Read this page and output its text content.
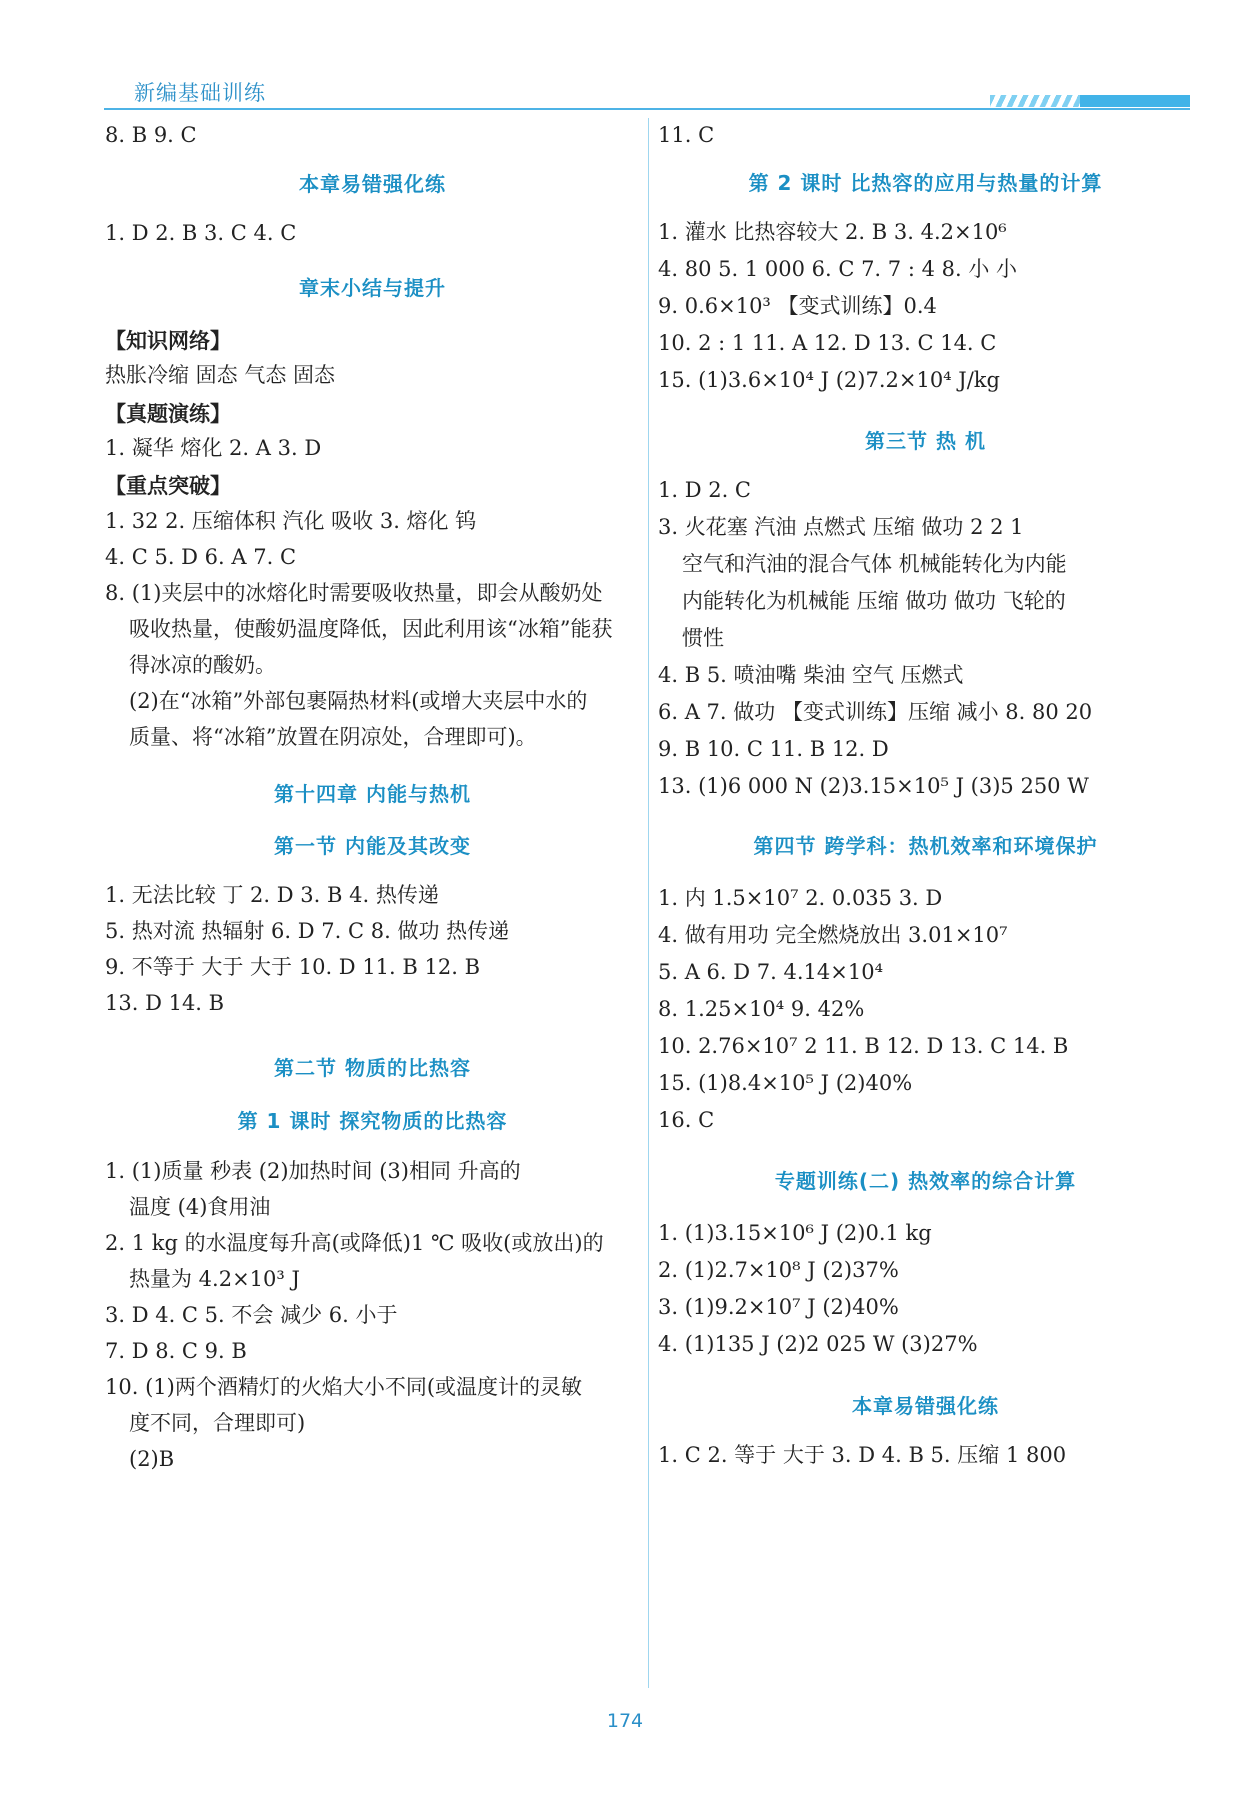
新编基础训练
8. B 9. C
本章易错强化练
1. D 2. B 3. C 4. C
章末小结与提升
【知识网络】
热胀冷缩 固态 气态 固态
【真题演练】
1. 凝华 熔化 2. A 3. D
【重点突破】
1. 32 2. 压缩体积 汽化 吸收 3. 熔化 钨
4. C 5. D 6. A 7. C
8. (1)夹层中的冰熔化时需要吸收热量，即会从酸奶处
吸收热量，使酸奶温度降低，因此利用该“冰箱”能获
得冰凉的酸奶。
(2)在“冰箱”外部包裹隔热材料(或增大夹层中水的
质量、将“冰箱”放置在阴凉处，合理即可)。
第十四章 内能与热机
第一节 内能及其改变
1. 无法比较 丁 2. D 3. B 4. 热传递
5. 热对流 热辐射 6. D 7. C 8. 做功 热传递
9. 不等于 大于 大于 10. D 11. B 12. B
13. D 14. B
第二节 物质的比热容
第 1 课时 探究物质的比热容
1. (1)质量 秒表 (2)加热时间 (3)相同 升高的
温度 (4)食用油
2. 1 kg 的水温度每升高(或降低)1 ℃ 吸收(或放出)的
热量为 4.2×10³ J
3. D 4. C 5. 不会 减少 6. 小于
7. D 8. C 9. B
10. (1)两个酒精灯的火焰大小不同(或温度计的灵敏
度不同，合理即可)
(2)B
11. C
第 2 课时 比热容的应用与热量的计算
1. 灌水 比热容较大 2. B 3. 4.2×10⁶
4. 80 5. 1 000 6. C 7. 7 : 4 8. 小 小
9. 0.6×10³ 【变式训练】0.4
10. 2 : 1 11. A 12. D 13. C 14. C
15. (1)3.6×10⁴ J (2)7.2×10⁴ J/kg
第三节 热 机
1. D 2. C
3. 火花塞 汽油 点燃式 压缩 做功 2 2 1
空气和汽油的混合气体 机械能转化为内能
内能转化为机械能 压缩 做功 做功 飞轮的
惯性
4. B 5. 喷油嘴 柴油 空气 压燃式
6. A 7. 做功 【变式训练】压缩 减小 8. 80 20
9. B 10. C 11. B 12. D
13. (1)6 000 N (2)3.15×10⁵ J (3)5 250 W
第四节 跨学科：热机效率和环境保护
1. 内 1.5×10⁷ 2. 0.035 3. D
4. 做有用功 完全燃烧放出 3.01×10⁷
5. A 6. D 7. 4.14×10⁴
8. 1.25×10⁴ 9. 42%
10. 2.76×10⁷ 2 11. B 12. D 13. C 14. B
15. (1)8.4×10⁵ J (2)40%
16. C
专题训练(二) 热效率的综合计算
1. (1)3.15×10⁶ J (2)0.1 kg
2. (1)2.7×10⁸ J (2)37%
3. (1)9.2×10⁷ J (2)40%
4. (1)135 J (2)2 025 W (3)27%
本章易错强化练
1. C 2. 等于 大于 3. D 4. B 5. 压缩 1 800
174
